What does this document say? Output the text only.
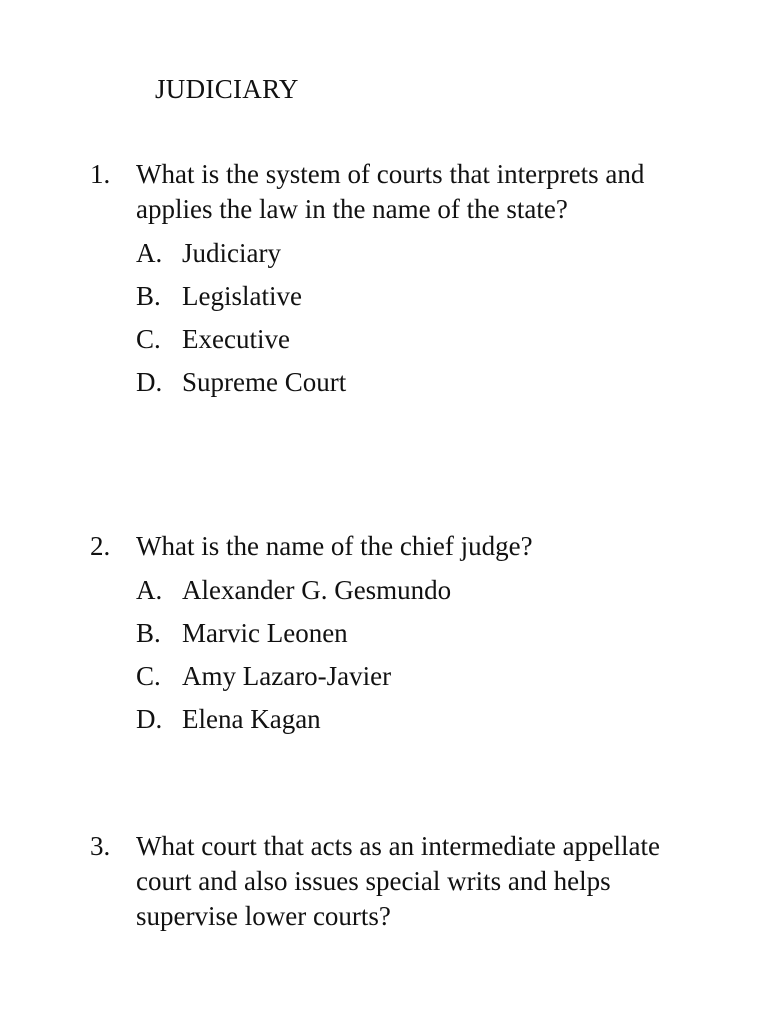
JUDICIARY
1. What is the system of courts that interprets and applies the law in the name of the state?
A. Judiciary
B. Legislative
C. Executive
D. Supreme Court
2. What is the name of the chief judge?
A. Alexander G. Gesmundo
B. Marvic Leonen
C. Amy Lazaro-Javier
D. Elena Kagan
3. What court that acts as an intermediate appellate court and also issues special writs and helps supervise lower courts?
